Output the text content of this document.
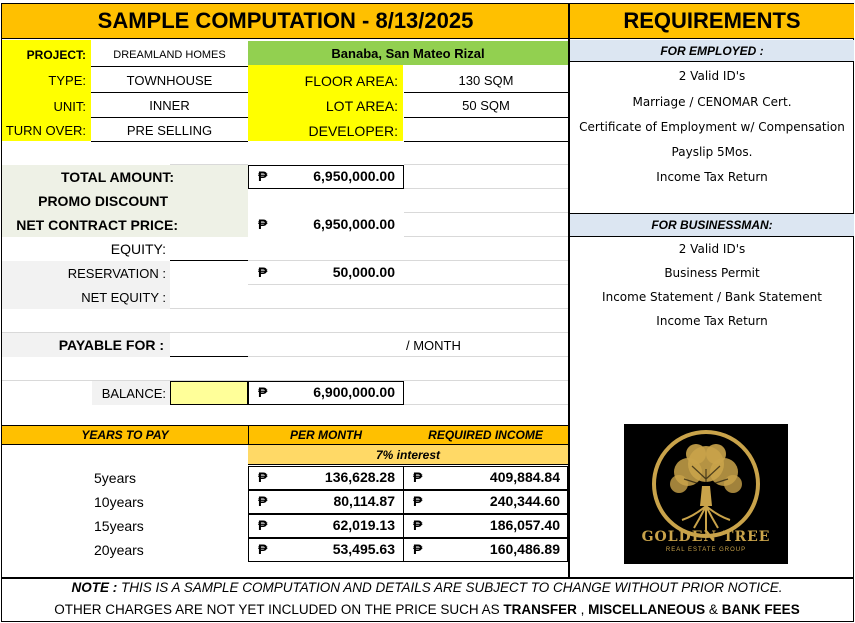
SAMPLE COMPUTATION - 8/13/2025	REQUIREMENTS
PROJECT:	DREAMLAND HOMES	Banaba, San Mateo Rizal
TYPE:	TOWNHOUSE	FLOOR AREA:	130 SQM
UNIT:	INNER	LOT AREA:	50 SQM
TURN OVER:	PRE SELLING	DEVELOPER:
TOTAL AMOUNT:	₱	6,950,000.00
PROMO DISCOUNT
NET CONTRACT PRICE:	₱	6,950,000.00
EQUITY:
RESERVATION :	₱	50,000.00
NET EQUITY :
PAYABLE FOR :	/ MONTH
BALANCE:	₱	6,900,000.00
YEARS TO PAY	PER MONTH	REQUIRED INCOME
7% interest
5years	₱	136,628.28 ₱	409,884.84
10years	₱	80,114.87 ₱	240,344.60
15years	₱	62,019.13 ₱	186,057.40
20years	₱	53,495.63 ₱	160,486.89
FOR EMPLOYED :
2 Valid ID's
Marriage / CENOMAR Cert.
Certificate of Employment w/ Compensation
Payslip 5Mos.
Income Tax Return
FOR BUSINESSMAN:
2 Valid ID's
Business Permit
Income Statement / Bank Statement
Income Tax Return
GOLDEN TREE
REAL ESTATE GROUP
NOTE : THIS IS A SAMPLE COMPUTATION AND DETAILS ARE SUBJECT TO CHANGE WITHOUT PRIOR NOTICE.
OTHER CHARGES ARE NOT YET INCLUDED ON THE PRICE SUCH AS TRANSFER , MISCELLANEOUS & BANK FEES
